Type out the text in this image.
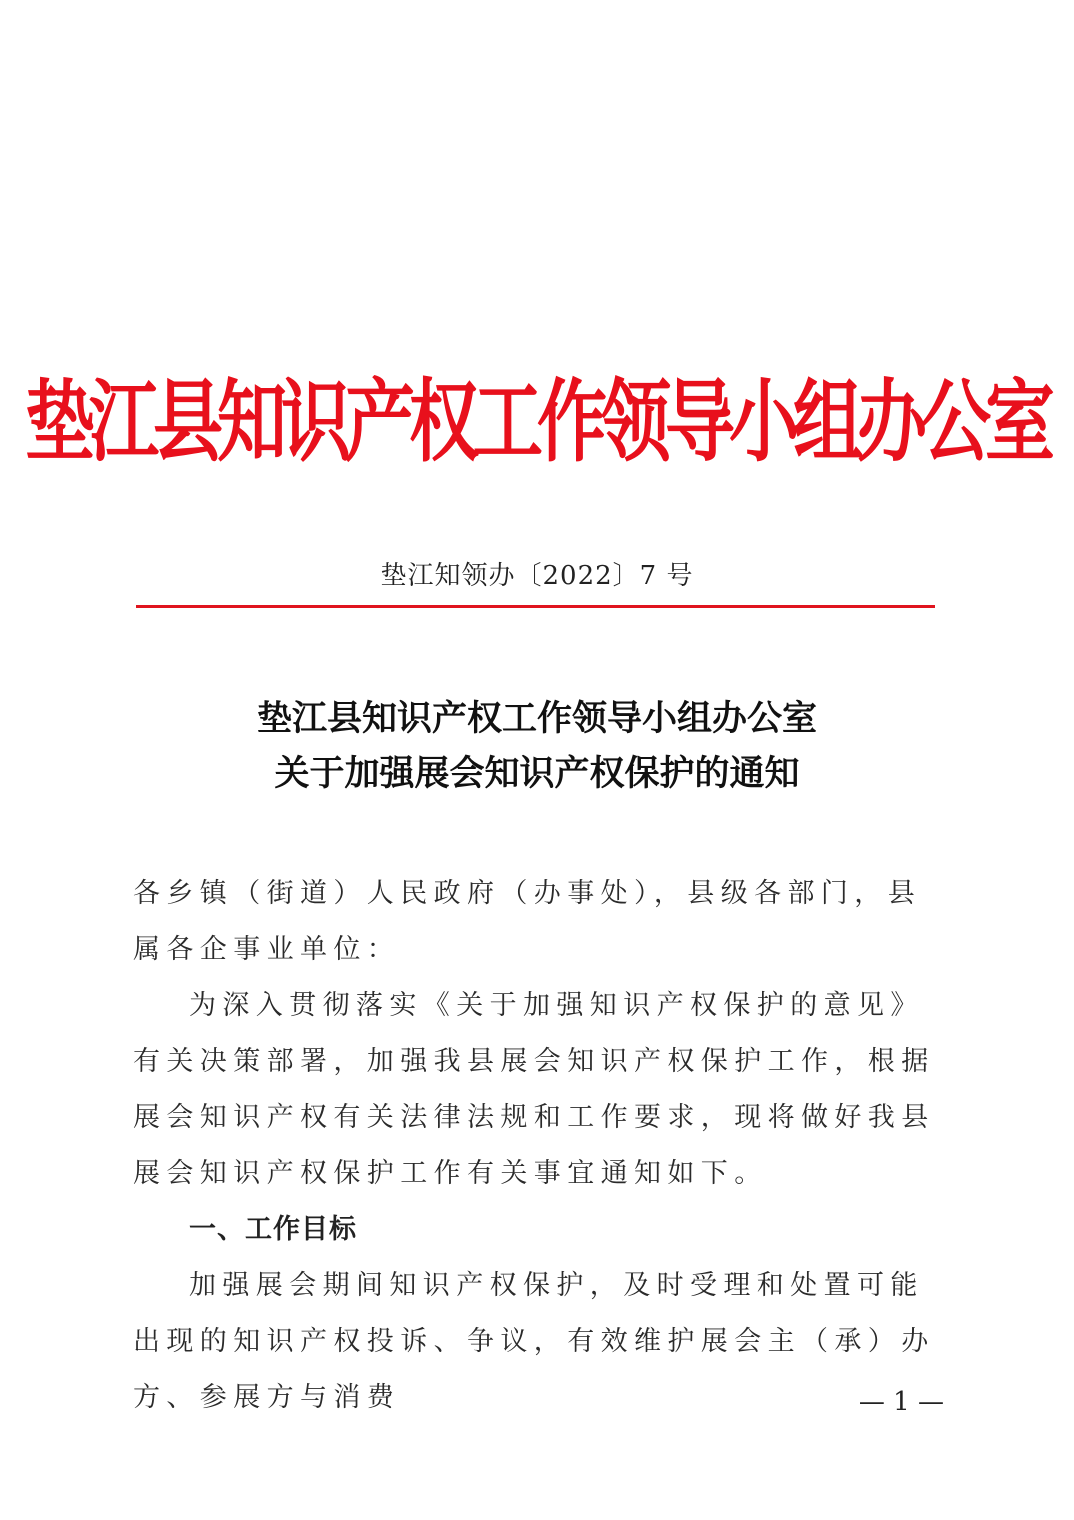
垫江县知识产权工作领导小组办公室
垫江知领办〔2022〕7 号
垫江县知识产权工作领导小组办公室
关于加强展会知识产权保护的通知

各乡镇（街道）人民政府（办事处），县级各部门，县属各企事业单位：

为深入贯彻落实《关于加强知识产权保护的意见》有关决策部署，加强我县展会知识产权保护工作，根据展会知识产权有关法律法规和工作要求，现将做好我县展会知识产权保护工作有关事宜通知如下。

一、工作目标

加强展会期间知识产权保护，及时受理和处置可能出现的知识产权投诉、争议，有效维护展会主（承）办方、参展方与消费	— 1 —
